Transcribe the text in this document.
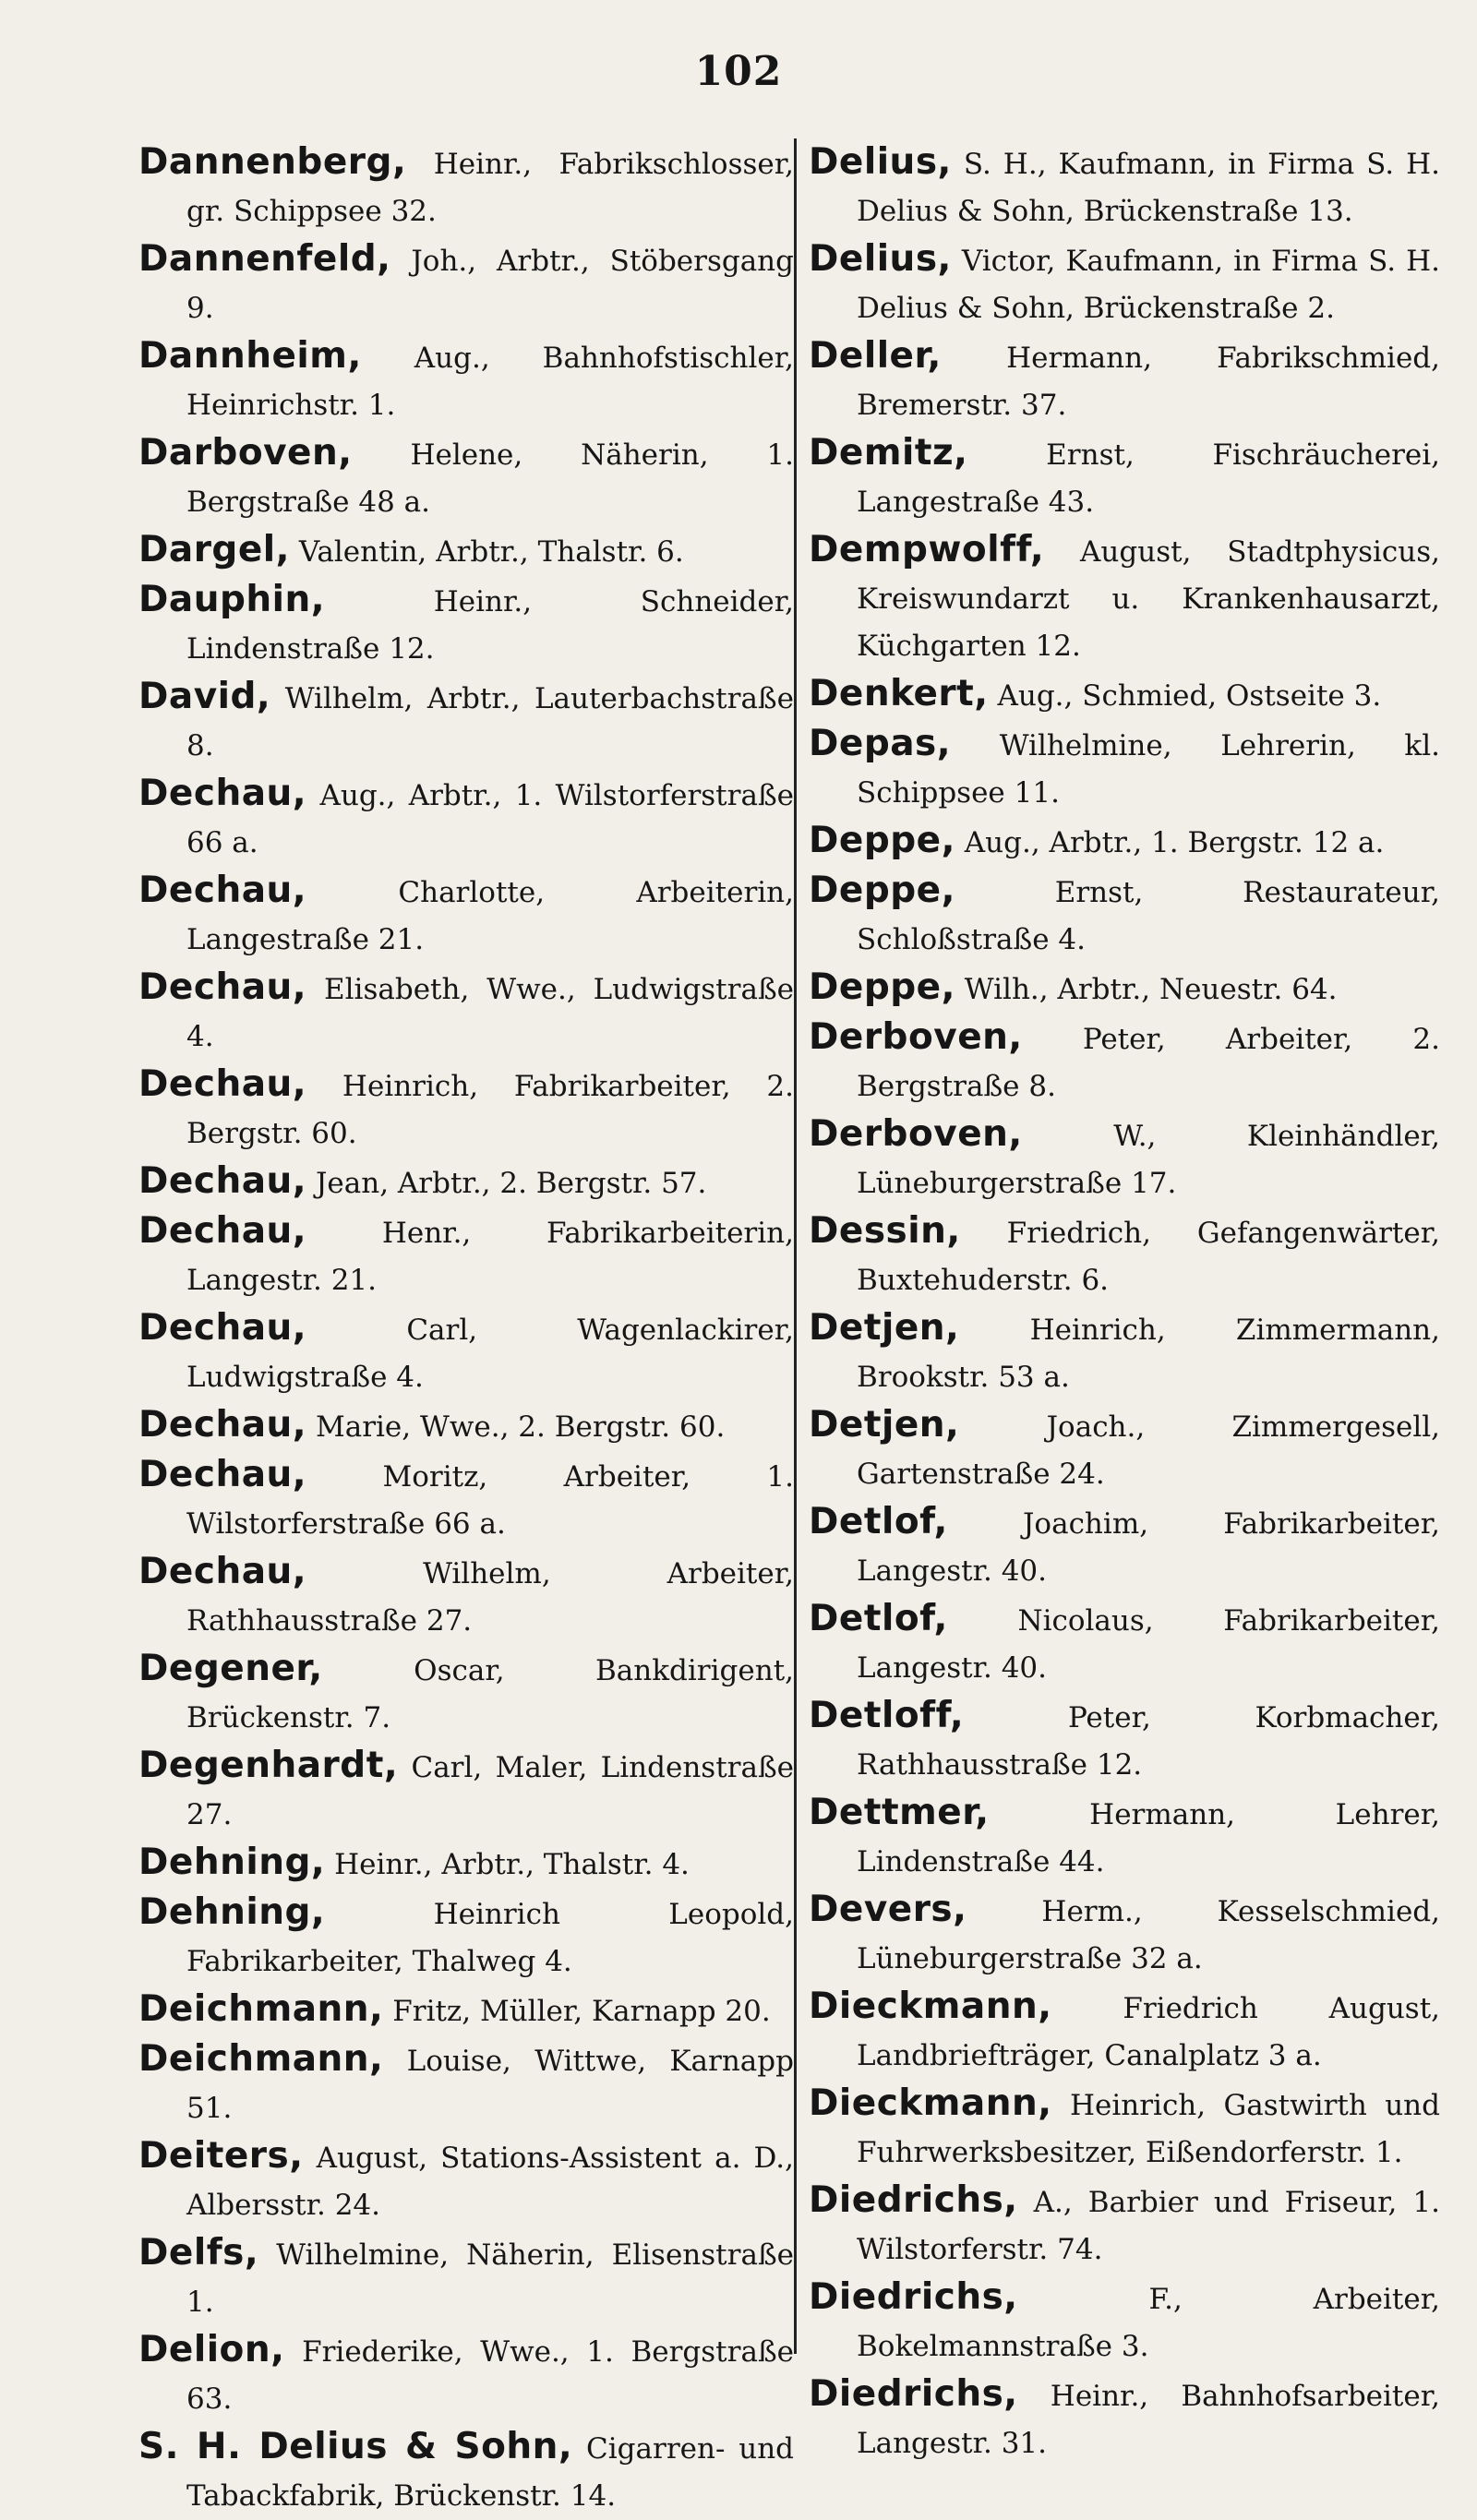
102

Dannenberg, Heinr., Fabrikschlosser, gr. Schippsee 32.

Dannenfeld, Joh., Arbtr., Stöbersgang 9.

Dannheim, Aug., Bahnhofstischler, Heinrichstr. 1.

Darboven, Helene, Näherin, 1. Bergstraße 48 a.

Dargel, Valentin, Arbtr., Thalstr. 6.

Dauphin,	Heinr., Schneider, Lindenstraße 12.

David, Wilhelm, Arbtr., Lauterbachstraße 8.

Dechau, Aug., Arbtr., 1. Wilstorferstraße 66 a.

Dechau,	Charlotte, Arbeiterin, Langestraße 21.

Dechau, Elisabeth, Wwe., Ludwigstraße 4.

Dechau, Heinrich, Fabrikarbeiter, 2. Bergstr. 60.

Dechau, Jean, Arbtr., 2. Bergstr. 57.

Dechau,	Henr., Fabrikarbeiterin, Langestr. 21.

Dechau,	Carl, Wagenlackirer, Ludwigstraße 4.

Dechau, Marie, Wwe., 2. Bergstr. 60.

Dechau,	Moritz, Arbeiter, 1. Wilstorferstraße 66 a.

Dechau,	Wilhelm, Arbeiter, Rathhausstraße 27.

Degener,	Oscar, Bankdirigent, Brückenstr. 7.

Degenhardt, Carl, Maler, Lindenstraße 27.

Dehning, Heinr., Arbtr., Thalstr. 4.

Dehning,	Heinrich Leopold, Fabrikarbeiter, Thalweg 4.

Deichmann, Fritz, Müller, Karnapp 20.

Deichmann, Louise, Wittwe, Karnapp 51.

Deiters, August, Stations-Assistent a. D., Albersstr. 24.

Delfs, Wilhelmine, Näherin, Elisenstraße 1.

Delion, Friederike, Wwe., 1. Bergstraße 63.

S. H. Delius & Sohn, Cigarren- und Tabackfabrik, Brückenstr. 14.

Delius, S. H., Kaufmann, in Firma S. H. Delius & Sohn, Brückenstraße 13.

Delius, Victor, Kaufmann, in Firma S. H. Delius & Sohn, Brückenstraße 2.

Deller, Hermann, Fabrikschmied, Bremerstr. 37.

Demitz,	Ernst, Fischräucherei, Langestraße 43.

Dempwolff, August, Stadtphysicus, Kreiswundarzt u. Krankenhausarzt, Küchgarten 12.

Denkert, Aug., Schmied, Ostseite 3.

Depas, Wilhelmine, Lehrerin, kl. Schippsee 11.

Deppe, Aug., Arbtr., 1. Bergstr. 12 a.

Deppe,	Ernst, Restaurateur, Schloßstraße 4.

Deppe, Wilh., Arbtr., Neuestr. 64.

Derboven, Peter, Arbeiter, 2. Bergstraße 8.

Derboven,	W., Kleinhändler, Lüneburgerstraße 17.

Dessin, Friedrich, Gefangenwärter, Buxtehuderstr. 6.

Detjen, Heinrich, Zimmermann, Brookstr. 53 a.

Detjen,	Joach., Zimmergesell, Gartenstraße 24.

Detlof,	Joachim, Fabrikarbeiter, Langestr. 40.

Detlof, Nicolaus, Fabrikarbeiter, Langestr. 40.

Detloff,	Peter, Korbmacher, Rathhausstraße 12.

Dettmer,	Hermann, Lehrer, Lindenstraße 44.

Devers,	Herm., Kesselschmied, Lüneburgerstraße 32 a.

Dieckmann, Friedrich August, Landbriefträger, Canalplatz 3 a.

Dieckmann, Heinrich, Gastwirth und Fuhrwerksbesitzer, Eißendorferstr. 1.

Diedrichs, A., Barbier und Friseur, 1. Wilstorferstr. 74.

Diedrichs,	F., Arbeiter, Bokelmannstraße 3.

Diedrichs, Heinr., Bahnhofsarbeiter, Langestr. 31.
